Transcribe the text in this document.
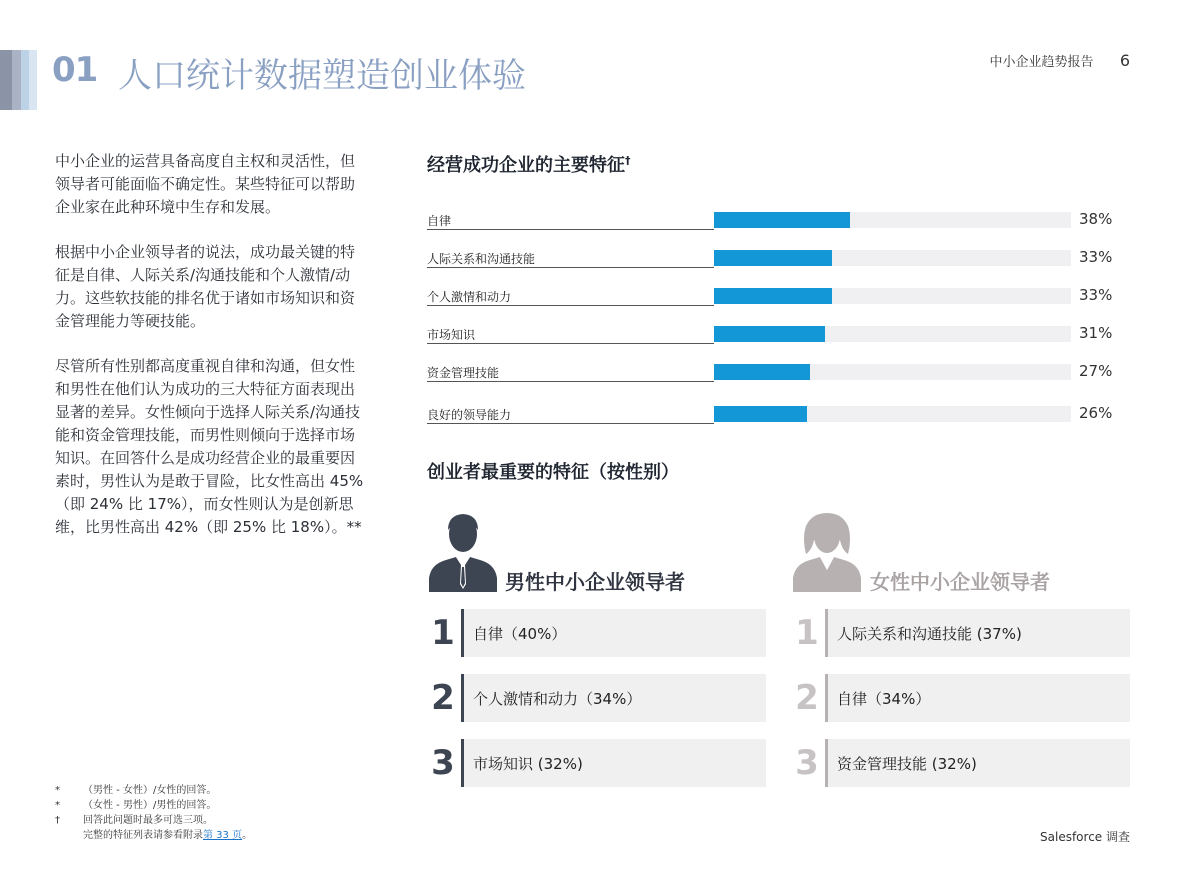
01 人口统计数据塑造创业体验	中小企业趋势报告 6

中小企业的运营具备高度自主权和灵活性，但领导者可能面临不确定性。某些特征可以帮助企业家在此种环境中生存和发展。

根据中小企业领导者的说法，成功最关键的特征是自律、人际关系/沟通技能和个人激情/动力。这些软技能的排名优于诸如市场知识和资金管理能力等硬技能。

尽管所有性别都高度重视自律和沟通，但女性和男性在他们认为成功的三大特征方面表现出显著的差异。女性倾向于选择人际关系/沟通技能和资金管理技能，而男性则倾向于选择市场知识。在回答什么是成功经营企业的最重要因素时，男性认为是敢于冒险，比女性高出 45%（即 24% 比 17%），而女性则认为是创新思维，比男性高出 42%（即 25% 比 18%）。**

经营成功企业的主要特征†
自律	38%
人际关系和沟通技能	33%
个人激情和动力	33%
市场知识	31%
资金管理技能	27%
良好的领导能力	26%
创业者最重要的特征（按性别）
男性中小企业领导者	女性中小企业领导者
1 自律（40%）
2 个人激情和动力（34%）
3 市场知识 (32%)
1 人际关系和沟通技能 (37%)
2 自律（34%）
3 资金管理技能 (32%)
*	（男性 - 女性）/女性的回答。
*	（女性 - 男性）/男性的回答。
†	回答此问题时最多可选三项。
完整的特征列表请参看附录第 33 页。	Salesforce 调查
